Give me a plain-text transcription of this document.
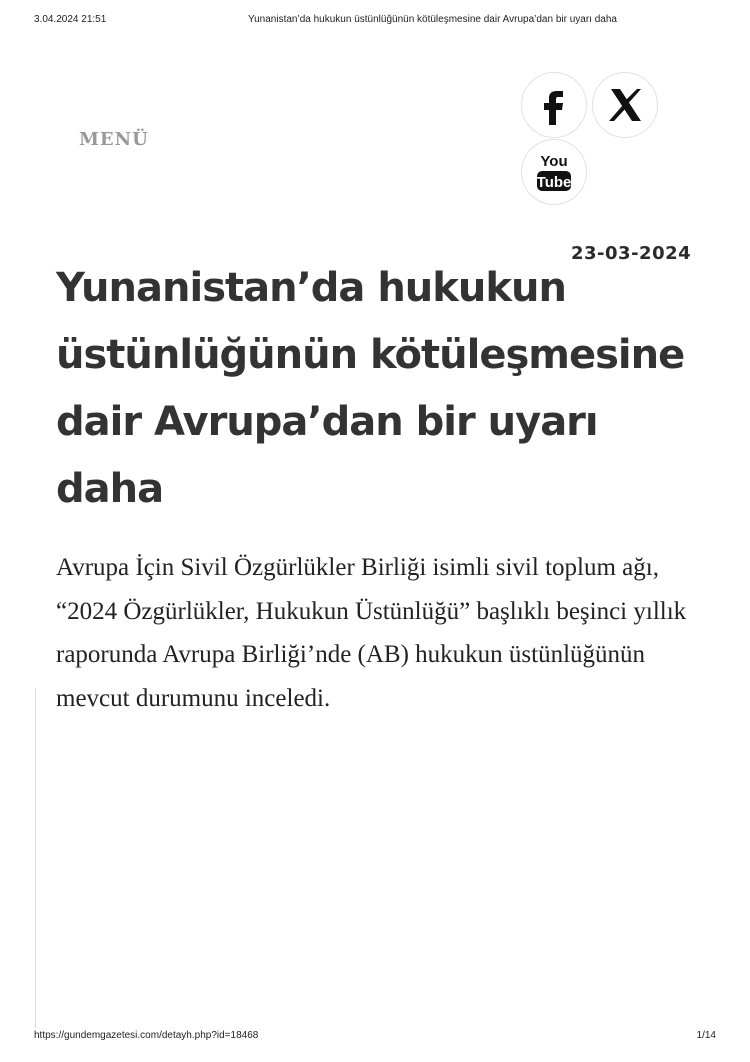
3.04.2024 21:51	Yunanistan’da hukukun üstünlüğünün kötüleşmesine dair Avrupa’dan bir uyarı daha
MENÜ
You
Tube
23-03-2024
Yunanistan’da hukukun üstünlüğünün kötüleşmesine dair Avrupa’dan bir uyarı daha

Avrupa İçin Sivil Özgürlükler Birliği isimli sivil toplum ağı, “2024 Özgürlükler, Hukukun Üstünlüğü” başlıklı beşinci yıllık raporunda Avrupa Birliği’nde (AB) hukukun üstünlüğünün mevcut durumunu inceledi.

https://gundemgazetesi.com/detayh.php?id=18468	1/14
